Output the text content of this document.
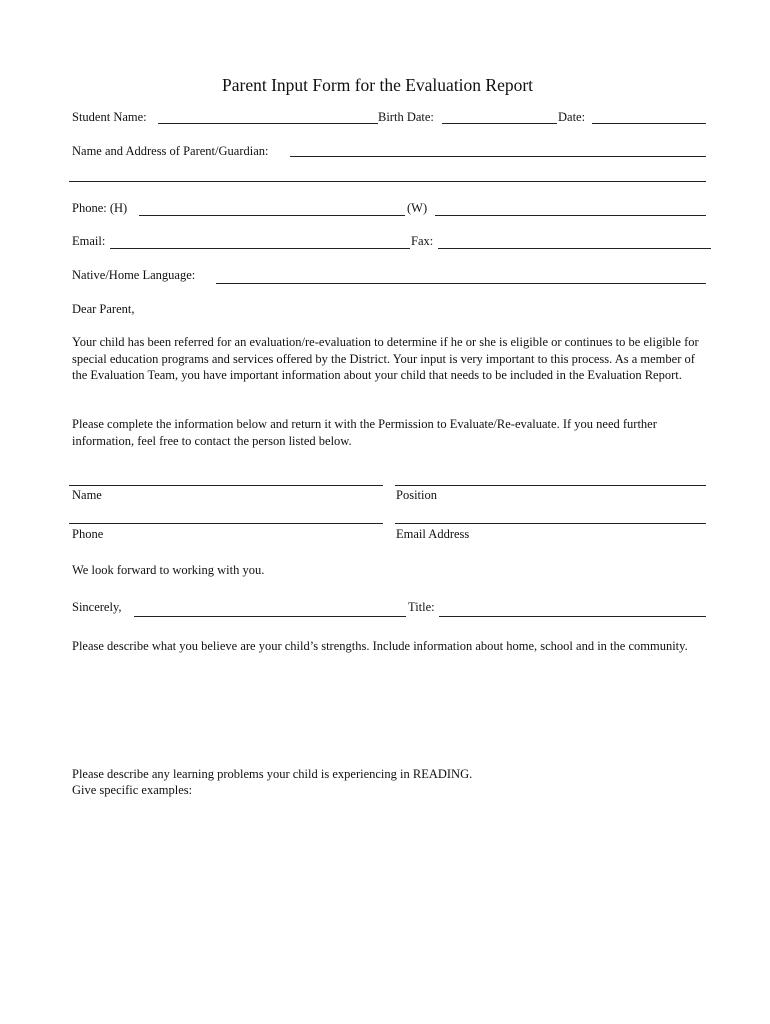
Parent Input Form for the Evaluation Report
Student Name:	Birth Date:	Date:
Name and Address of Parent/Guardian:
Phone: (H)	(W)
Email:	Fax:
Native/Home Language:
Dear Parent,
Your child has been referred for an evaluation/re-evaluation to determine if he or she is eligible or continues to be eligible for special education programs and services offered by the District. Your input is very important to this process. As a member of the Evaluation Team, you have important information about your child that needs to be included in the Evaluation Report.
Please complete the information below and return it with the Permission to Evaluate/Re-evaluate. If you need further information, feel free to contact the person listed below.
Name	Position
Phone	Email Address
We look forward to working with you.
Sincerely,	Title:
Please describe what you believe are your child’s strengths. Include information about home, school and in the community.
Please describe any learning problems your child is experiencing in READING.
Give specific examples:
